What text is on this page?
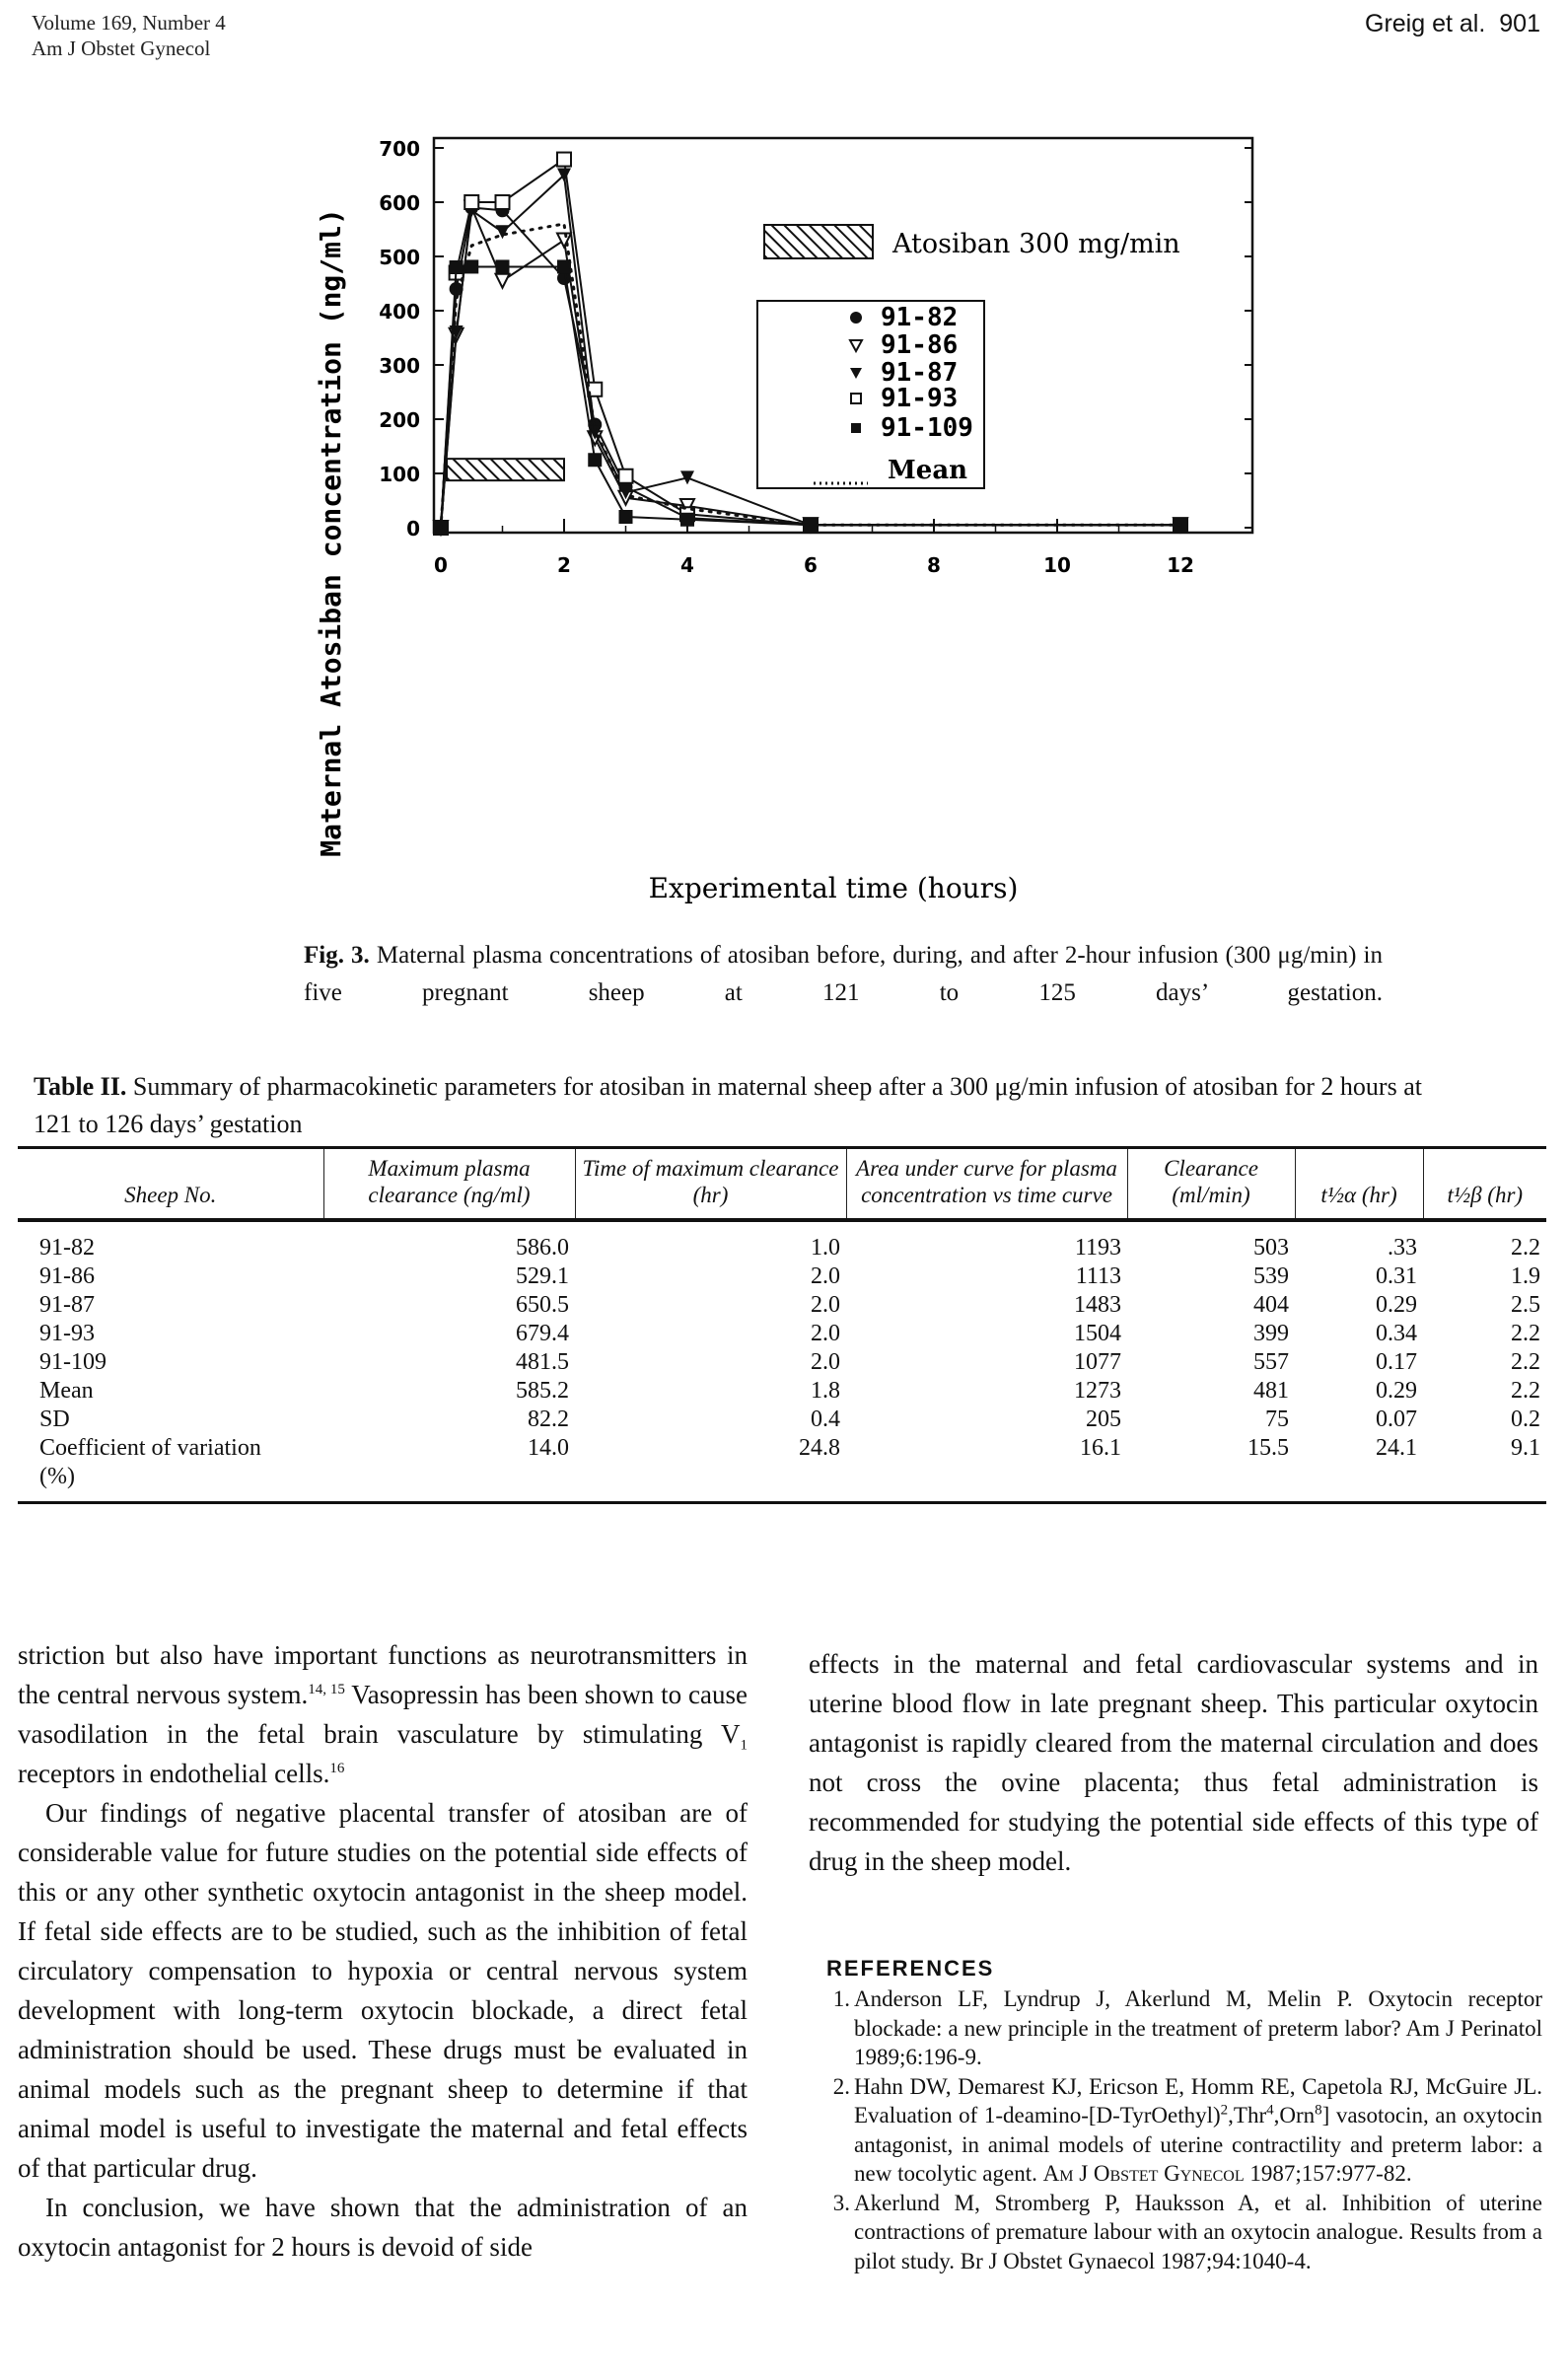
Volume 169, Number 4
Am J Obstet Gynecol
Greig et al. 901
0
100
200
300
400
500
600
700
0	2	4	6	8	10	12
Atosiban 300 mg/min
91-82
91-86
91-87
91-93
91-109
Mean
Maternal Atosiban concentration (ng/ml)
Experimental time (hours)
Fig. 3. Maternal plasma concentrations of atosiban before, during, and after 2-hour infusion (300 μg/min) in five pregnant sheep at 121 to 125 days’ gestation.
Table II. Summary of pharmacokinetic parameters for atosiban in maternal sheep after a 300 μg/min infusion of atosiban for 2 hours at 121 to 126 days’ gestation
Sheep No.	Maximum plasma clearance (ng/ml)	Time of maximum clearance (hr)	Area under curve for plasma concentration vs time curve	Clearance (ml/min)	t½α (hr)	t½β (hr)
91-82	586.0	1.0	1193	503	.33	2.2
91-86	529.1	2.0	1113	539	0.31	1.9
91-87	650.5	2.0	1483	404	0.29	2.5
91-93	679.4	2.0	1504	399	0.34	2.2
91-109	481.5	2.0	1077	557	0.17	2.2
Mean	585.2	1.8	1273	481	0.29	2.2
SD	82.2	0.4	205	75	0.07	0.2
Coefficient of variation (%)	14.0	24.8	16.1	15.5	24.1	9.1

striction but also have important functions as neurotransmitters in the central nervous system.$^{14, 15}$ Vasopressin has been shown to cause vasodilation in the fetal brain vasculature by stimulating $V_1$ receptors in endothelial cells.$^{16}$

Our findings of negative placental transfer of atosiban are of considerable value for future studies on the potential side effects of this or any other synthetic oxytocin antagonist in the sheep model. If fetal side effects are to be studied, such as the inhibition of fetal circulatory compensation to hypoxia or central nervous system development with long-term oxytocin blockade, a direct fetal administration should be used. These drugs must be evaluated in animal models such as the pregnant sheep to determine if that animal model is useful to investigate the maternal and fetal effects of that particular drug.

In conclusion, we have shown that the administration of an oxytocin antagonist for 2 hours is devoid of side

effects in the maternal and fetal cardiovascular systems and in uterine blood flow in late pregnant sheep. This particular oxytocin antagonist is rapidly cleared from the maternal circulation and does not cross the ovine placenta; thus fetal administration is recommended for studying the potential side effects of this type of drug in the sheep model.

REFERENCES
1. Anderson LF, Lyndrup J, Akerlund M, Melin P. Oxytocin receptor blockade: a new principle in the treatment of preterm labor? Am J Perinatol 1989;6:196-9.
2. Hahn DW, Demarest KJ, Ericson E, Homm RE, Capetola RJ, McGuire JL. Evaluation of 1-deamino-[D-TyrOethyl)$^2$,Thr$^4$,Orn$^8$] vasotocin, an oxytocin antagonist, in animal models of uterine contractility and preterm labor: a new tocolytic agent. Am J Obstet Gynecol 1987;157:977-82.
3. Akerlund M, Stromberg P, Hauksson A, et al. Inhibition of uterine contractions of premature labour with an oxytocin analogue. Results from a pilot study. Br J Obstet Gynaecol 1987;94:1040-4.
